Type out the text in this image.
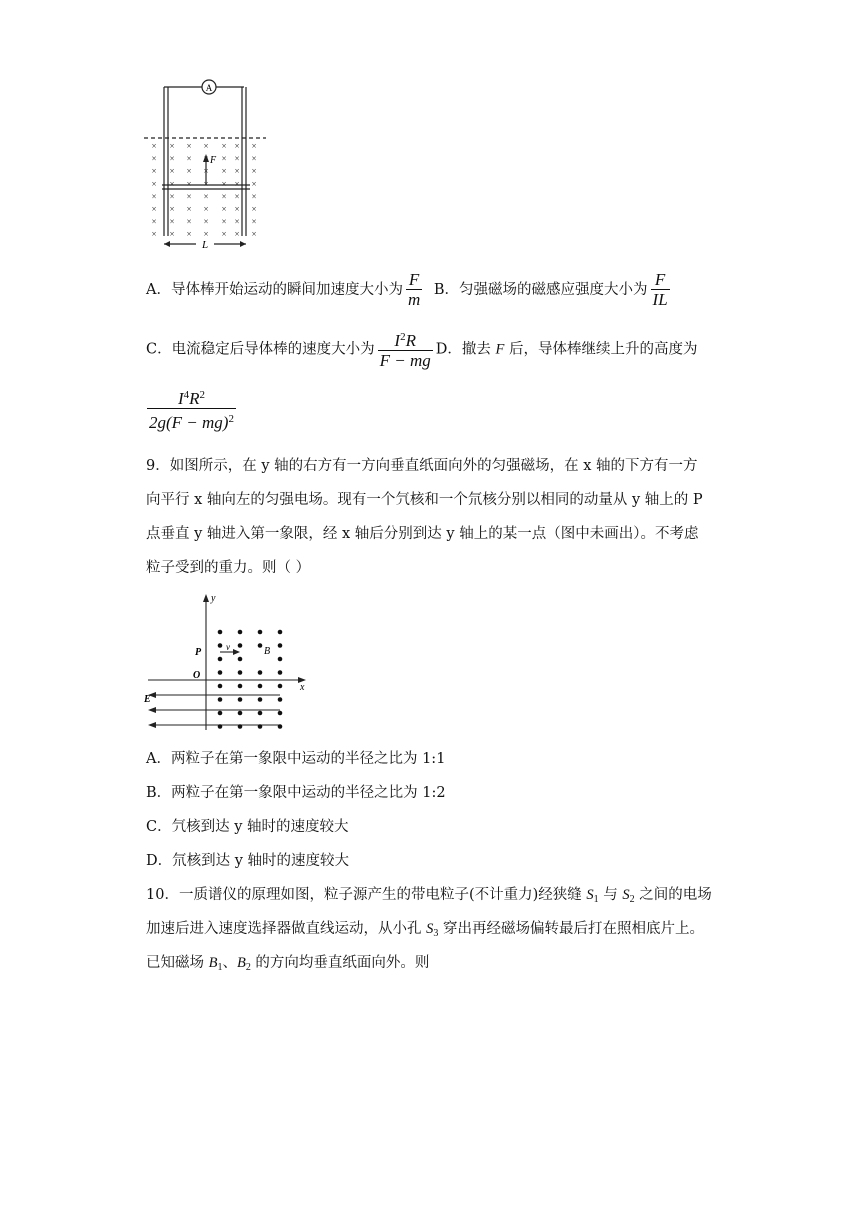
A
F
L
× × × × × × ×
× × × × × × ×
× × × × × × ×
× × × × × × ×
× × × × × × ×
× × × × × × ×
× × × × × × ×
× × × × × × ×
A．导体棒开始运动的瞬间加速度大小为 $\frac{F}{m}$ B．匀强磁场的磁感应强度大小为 $\frac{F}{IL}$
C．电流稳定后导体棒的速度大小为 $\frac{I^2R}{F - mg}$ D．撤去 F 后，导体棒继续上升的高度为
$\frac{I^4R^2}{2g(F - mg)^2}$
9．如图所示，在 y 轴的右方有一方向垂直纸面向外的匀强磁场，在 x 轴的下方有一方
向平行 x 轴向左的匀强电场。现有一个氕核和一个氘核分别以相同的动量从 y 轴上的 P
点垂直 y 轴进入第一象限，经 x 轴后分别到达 y 轴上的某一点（图中未画出）。不考虑
粒子受到的重力。则（ ）
y
x
O
P	v	B
E
A．两粒子在第一象限中运动的半径之比为 1:1
B．两粒子在第一象限中运动的半径之比为 1:2
C．氕核到达 y 轴时的速度较大
D．氘核到达 y 轴时的速度较大
10．一质谱仪的原理如图，粒子源产生的带电粒子(不计重力)经狭缝 $S_1$ 与 $S_2$ 之间的电场
加速后进入速度选择器做直线运动，从小孔 $S_3$ 穿出再经磁场偏转最后打在照相底片上。
已知磁场 $B_1$、$B_2$ 的方向均垂直纸面向外。则
